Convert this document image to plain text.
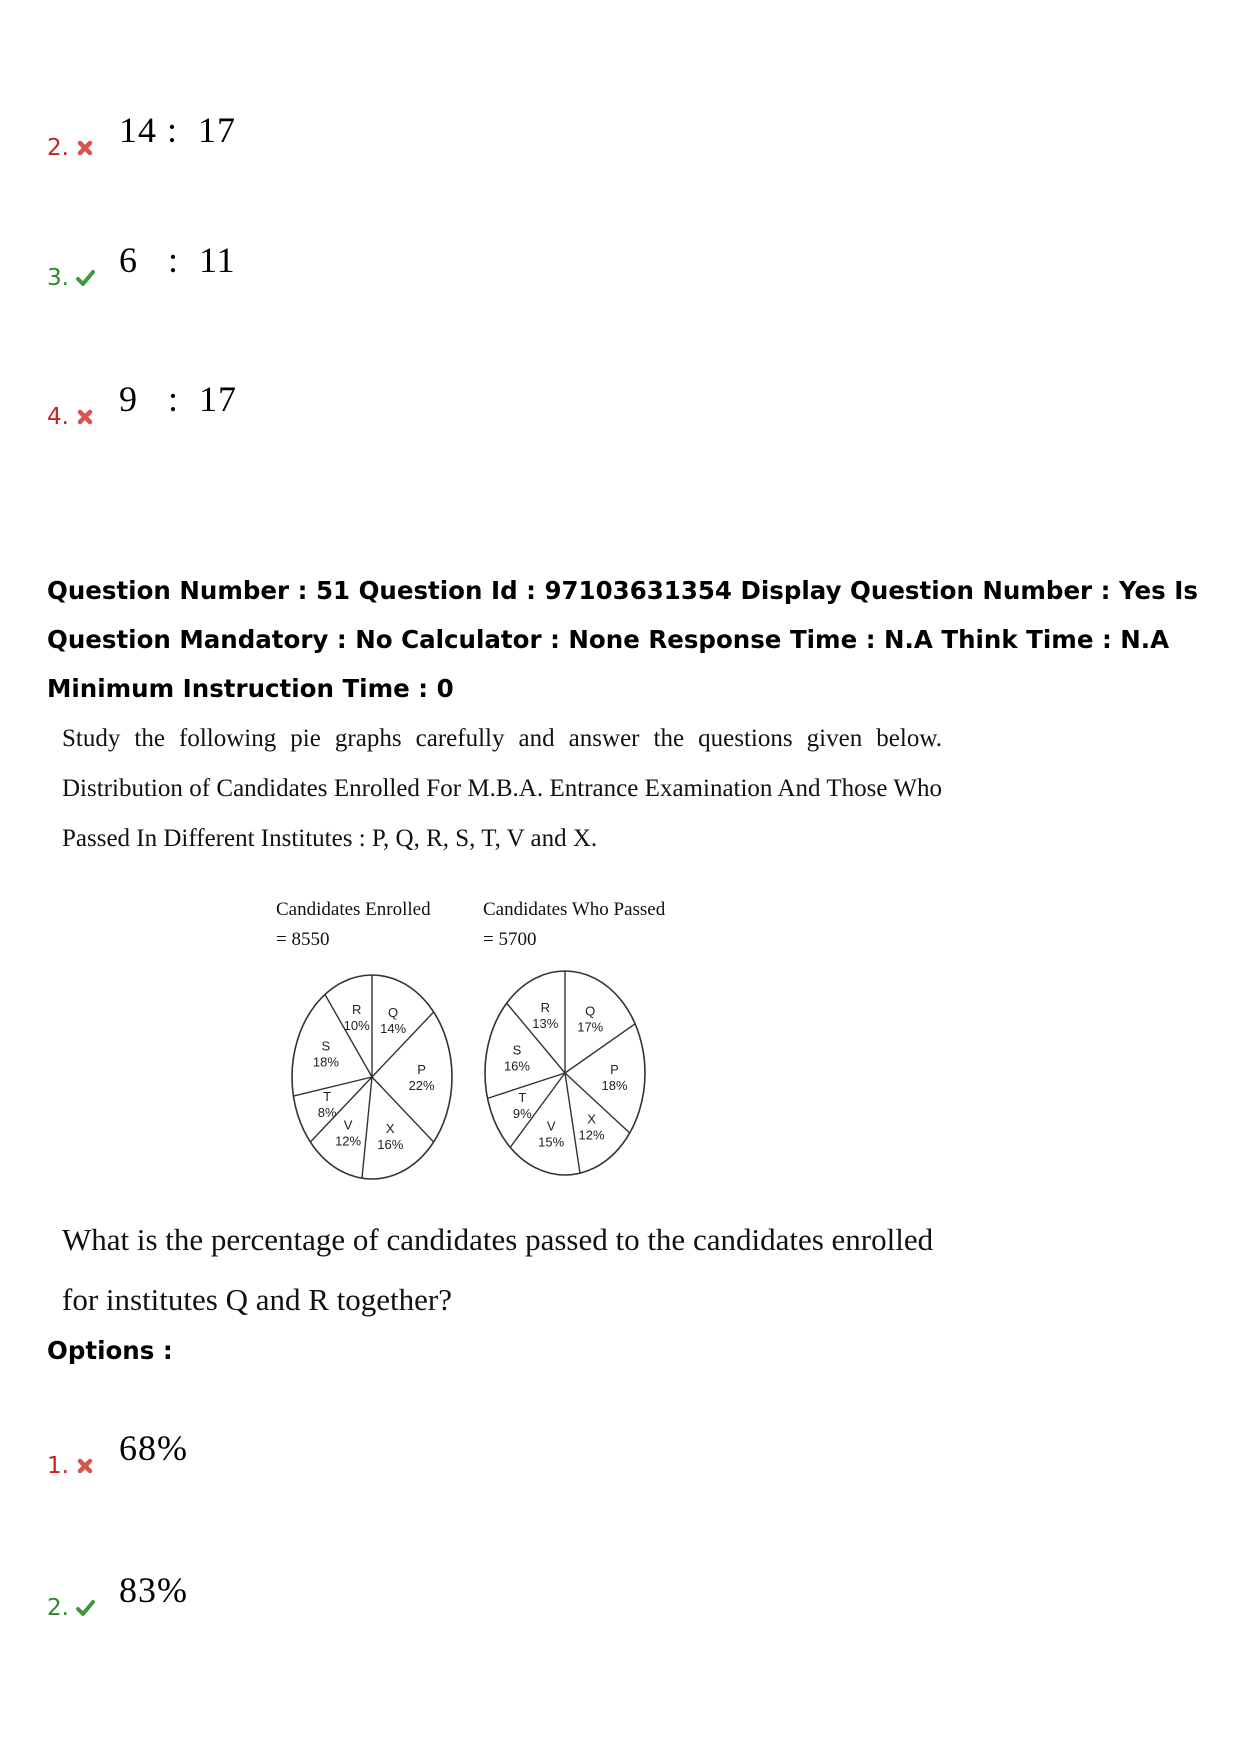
2. 14 :  17
3. 6   :  11
4. 9   :  17
Question Number : 51 Question Id : 97103631354 Display Question Number : Yes Is Question Mandatory : No Calculator : None Response Time : N.A Think Time : N.A Minimum Instruction Time : 0
Study the following pie graphs carefully and answer the questions given below. Distribution of Candidates Enrolled For M.B.A. Entrance Examination And Those Who Passed In Different Institutes : P, Q, R, S, T, V and X.
Candidates Enrolled
= 8550
Q
14%
P
22%
X
16%
V
12%
T
8%
S
18%
R
10%
Candidates Who Passed
= 5700
Q
17%
P
18%
X
12%
V
15%
T
9%
S
16%
R
13%
What is the percentage of candidates passed to the candidates enrolled for institutes Q and R together?
Options :
1. 68%
2. 83%
